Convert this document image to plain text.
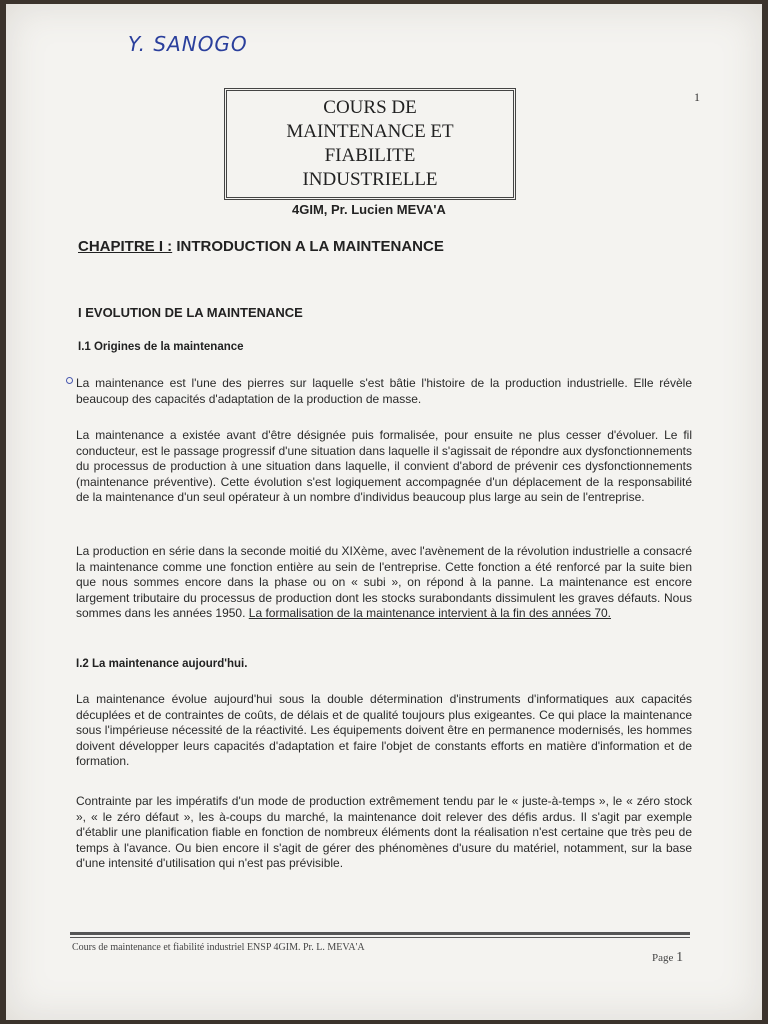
Y. SANOGO
1
COURS DE
MAINTENANCE ET
FIABILITE
INDUSTRIELLE
4GIM, Pr. Lucien MEVA'A
CHAPITRE I : INTRODUCTION A LA MAINTENANCE
I EVOLUTION DE LA MAINTENANCE
I.1 Origines de la maintenance
La maintenance est l'une des pierres sur laquelle s'est bâtie l'histoire de la production industrielle. Elle révèle beaucoup des capacités d'adaptation de la production de masse.
La maintenance a existée avant d'être désignée puis formalisée, pour ensuite ne plus cesser d'évoluer. Le fil conducteur, est le passage progressif d'une situation dans laquelle il s'agissait de répondre aux dysfonctionnements du processus de production à une situation dans laquelle, il convient d'abord de prévenir ces dysfonctionnements (maintenance préventive). Cette évolution s'est logiquement accompagnée d'un déplacement de la responsabilité de la maintenance d'un seul opérateur à un nombre d'individus beaucoup plus large au sein de l'entreprise.
La production en série dans la seconde moitié du XIXème, avec l'avènement de la révolution industrielle a consacré la maintenance comme une fonction entière au sein de l'entreprise. Cette fonction a été renforcé par la suite bien que nous sommes encore dans la phase ou on « subi », on répond à la panne. La maintenance est encore largement tributaire du processus de production dont les stocks surabondants dissimulent les graves défauts. Nous sommes dans les années 1950. La formalisation de la maintenance intervient à la fin des années 70.
I.2 La maintenance aujourd'hui.
La maintenance évolue aujourd'hui sous la double détermination d'instruments d'informatiques aux capacités décuplées et de contraintes de coûts, de délais et de qualité toujours plus exigeantes. Ce qui place la maintenance sous l'impérieuse nécessité de la réactivité. Les équipements doivent être en permanence modernisés, les hommes doivent développer leurs capacités d'adaptation et faire l'objet de constants efforts en matière d'information et de formation.
Contrainte par les impératifs d'un mode de production extrêmement tendu par le « juste-à-temps », le « zéro stock », « le zéro défaut », les à-coups du marché, la maintenance doit relever des défis ardus. Il s'agit par exemple d'établir une planification fiable en fonction de nombreux éléments dont la réalisation n'est certaine que très peu de temps à l'avance. Ou bien encore il s'agit de gérer des phénomènes d'usure du matériel, notamment, sur la base d'une intensité d'utilisation qui n'est pas prévisible.
Cours de maintenance et fiabilité industriel ENSP 4GIM. Pr. L. MEVA'A
Page 1
